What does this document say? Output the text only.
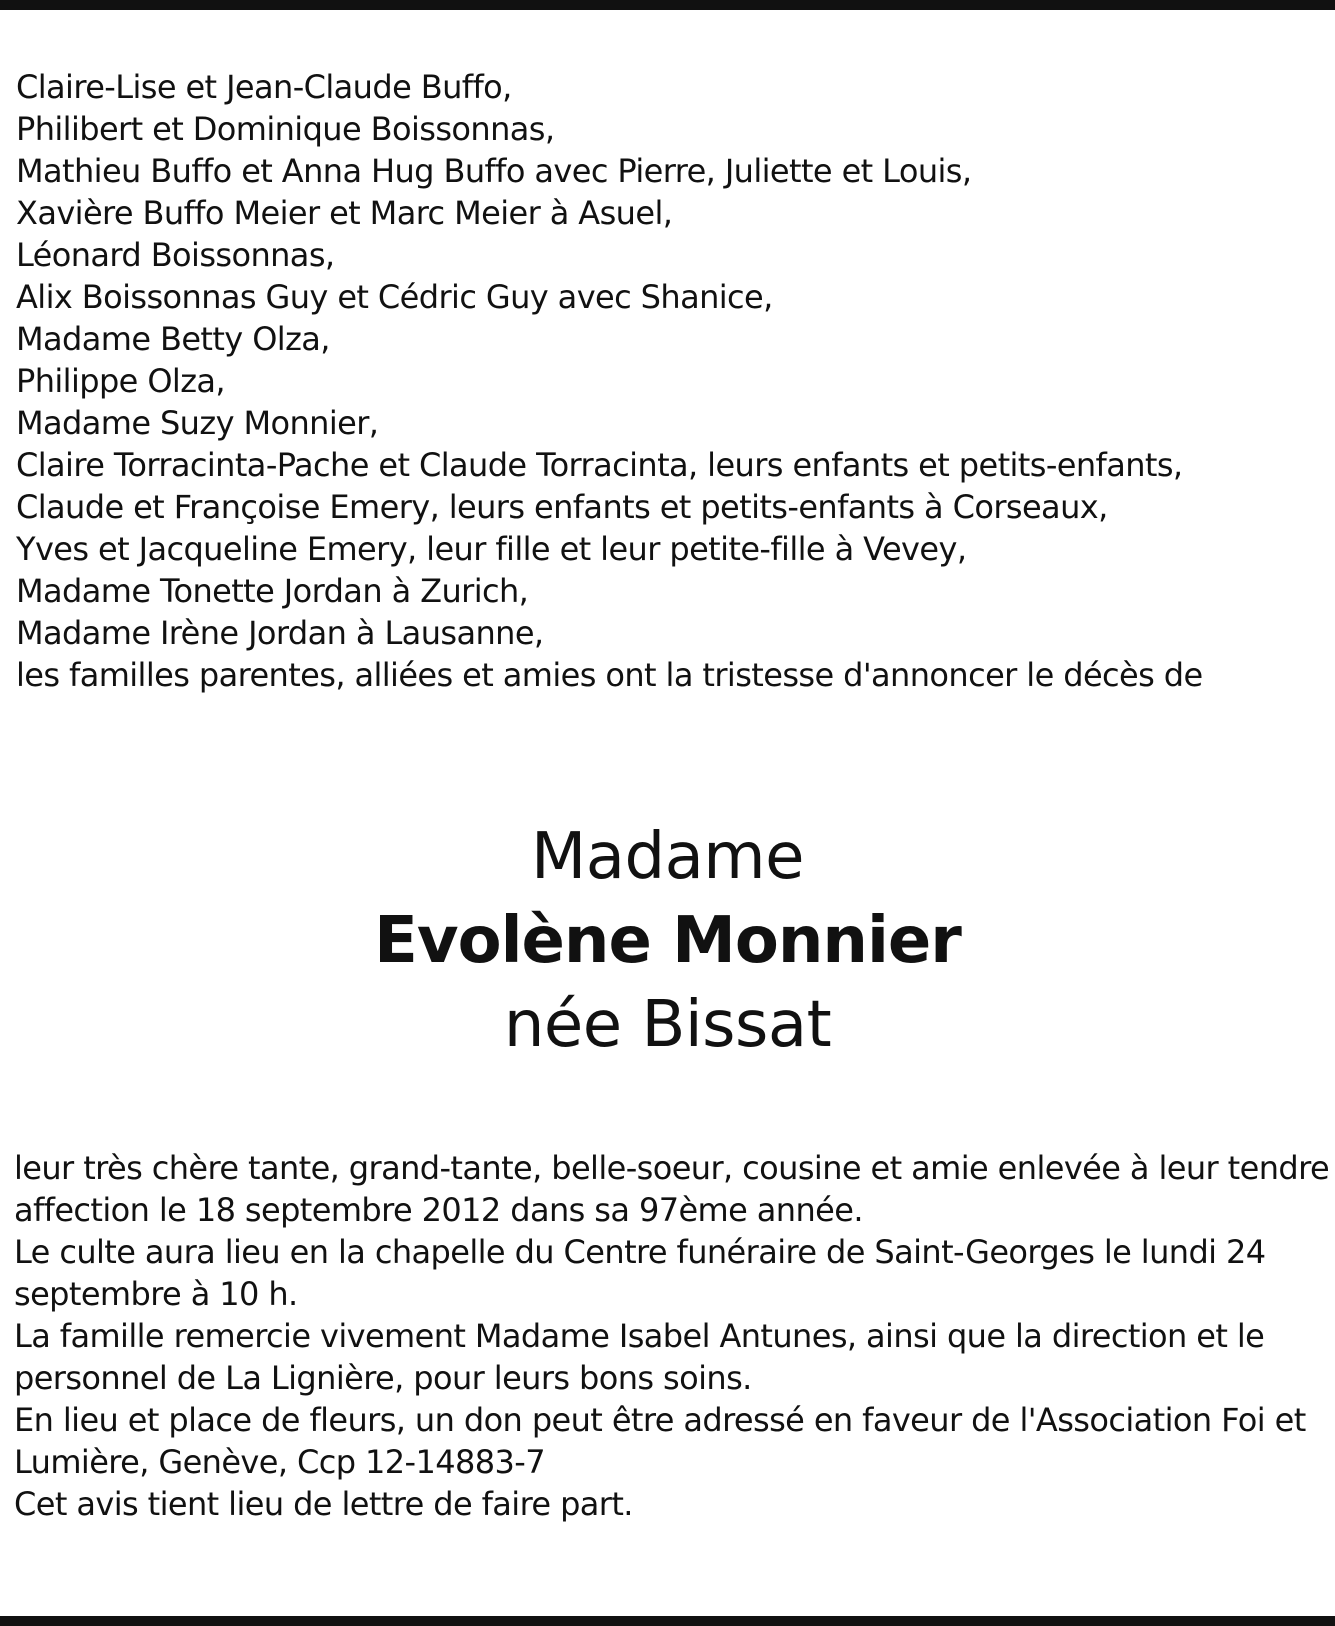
Claire-Lise et Jean-Claude Buffo,
Philibert et Dominique Boissonnas,
Mathieu Buffo et Anna Hug Buffo avec Pierre, Juliette et Louis,
Xavière Buffo Meier et Marc Meier à Asuel,
Léonard Boissonnas,
Alix Boissonnas Guy et Cédric Guy avec Shanice,
Madame Betty Olza,
Philippe Olza,
Madame Suzy Monnier,
Claire Torracinta-Pache et Claude Torracinta, leurs enfants et petits-enfants,
Claude et Françoise Emery, leurs enfants et petits-enfants à Corseaux,
Yves et Jacqueline Emery, leur fille et leur petite-fille à Vevey,
Madame Tonette Jordan à Zurich,
Madame Irène Jordan à Lausanne,
les familles parentes, alliées et amies ont la tristesse d'annoncer le décès de
Madame
Evolène Monnier
née Bissat
leur très chère tante, grand-tante, belle-soeur, cousine et amie enlevée à leur tendre
affection le 18 septembre 2012 dans sa 97ème année.
Le culte aura lieu en la chapelle du Centre funéraire de Saint-Georges le lundi 24
septembre à 10 h.
La famille remercie vivement Madame Isabel Antunes, ainsi que la direction et le
personnel de La Lignière, pour leurs bons soins.
En lieu et place de fleurs, un don peut être adressé en faveur de l'Association Foi et
Lumière, Genève, Ccp 12-14883-7
Cet avis tient lieu de lettre de faire part.
